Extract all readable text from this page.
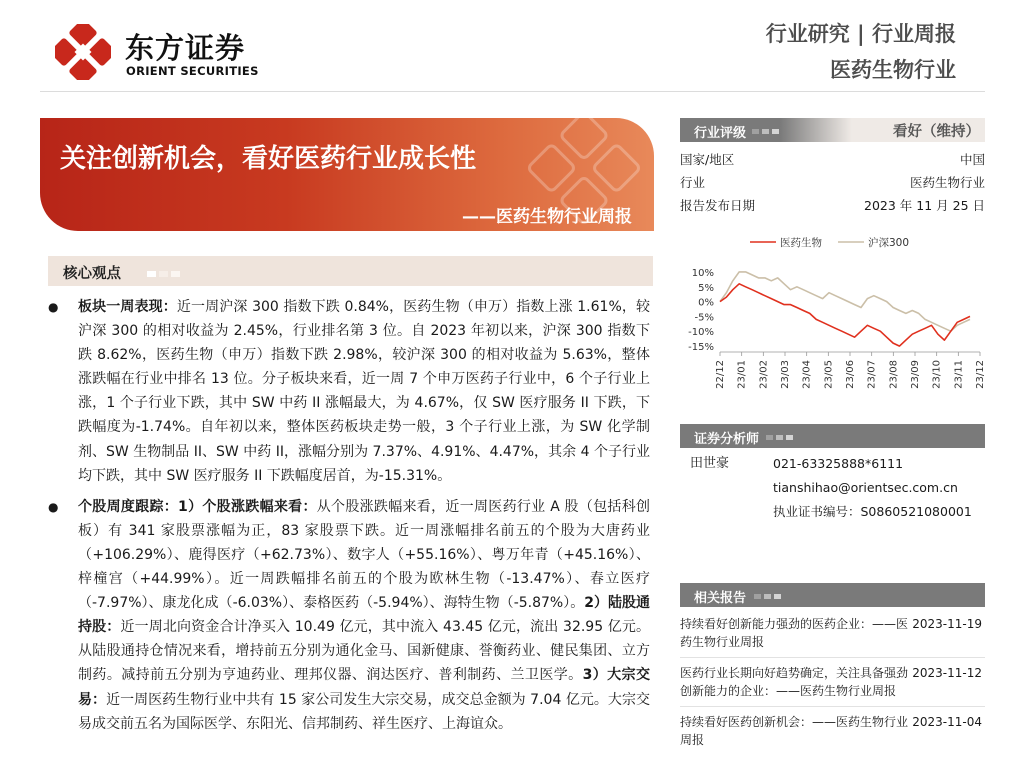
东方证券
ORIENT SECURITIES
行业研究 | 行业周报
医药生物行业
关注创新机会，看好医药行业成长性
——医药生物行业周报
核心观点
● 板块一周表现：近一周沪深 300 指数下跌 0.84%，医药生物（申万）指数上涨 1.61%，较沪深 300 的相对收益为 2.45%，行业排名第 3 位。自 2023 年初以来，沪深 300 指数下跌 8.62%，医药生物（申万）指数下跌 2.98%，较沪深 300 的相对收益为 5.63%，整体涨跌幅在行业中排名 13 位。分子板块来看，近一周 7 个申万医药子行业中，6 个子行业上涨，1 个子行业下跌，其中 SW 中药 II 涨幅最大，为 4.67%，仅 SW 医疗服务 II 下跌，下跌幅度为-1.74%。自年初以来，整体医药板块走势一般，3 个子行业上涨，为 SW 化学制剂、SW 生物制品 II、SW 中药 II，涨幅分别为 7.37%、4.91%、4.47%，其余 4 个子行业均下跌，其中 SW 医疗服务 II 下跌幅度居首，为-15.31%。
● 个股周度跟踪：1）个股涨跌幅来看：从个股涨跌幅来看，近一周医药行业 A 股（包括科创板）有 341 家股票涨幅为正，83 家股票下跌。近一周涨幅排名前五的个股为大唐药业（+106.29%）、鹿得医疗（+62.73%）、数字人（+55.16%）、粤万年青（+45.16%）、梓橦宫（+44.99%）。近一周跌幅排名前五的个股为欧林生物（-13.47%）、春立医疗（-7.97%）、康龙化成（-6.03%）、泰格医药（-5.94%）、海特生物（-5.87%）。2）陆股通持股：近一周北向资金合计净买入 10.49 亿元，其中流入 43.45 亿元，流出 32.95 亿元。从陆股通持仓情况来看，增持前五分别为通化金马、国新健康、誉衡药业、健民集团、立方制药。减持前五分别为亨迪药业、理邦仪器、润达医疗、普利制药、兰卫医学。3）大宗交易：近一周医药生物行业中共有 15 家公司发生大宗交易，成交总金额为 7.04 亿元。大宗交易成交前五名为国际医学、东阳光、信邦制药、祥生医疗、上海谊众。
行业评级	看好（维持）
国家/地区	中国
行业	医药生物行业
报告发布日期	2023 年 11 月 25 日
医药生物	沪深300
10%
5%
0%
-5%
-10%
-15%
22/12 23/01 23/02 23/03 23/04 23/05 23/06 23/07 23/08 23/09 23/10 23/11 23/12
证券分析师
田世豪	021-63325888*6111
tianshihao@orientsec.com.cn
执业证书编号：S0860521080001
相关报告
持续看好创新能力强劲的医药企业：——医药生物行业周报
2023-11-19
医药行业长期向好趋势确定，关注具备强劲创新能力的企业：——医药生物行业周报
2023-11-12
持续看好医药创新机会：——医药生物行业周报
2023-11-04
